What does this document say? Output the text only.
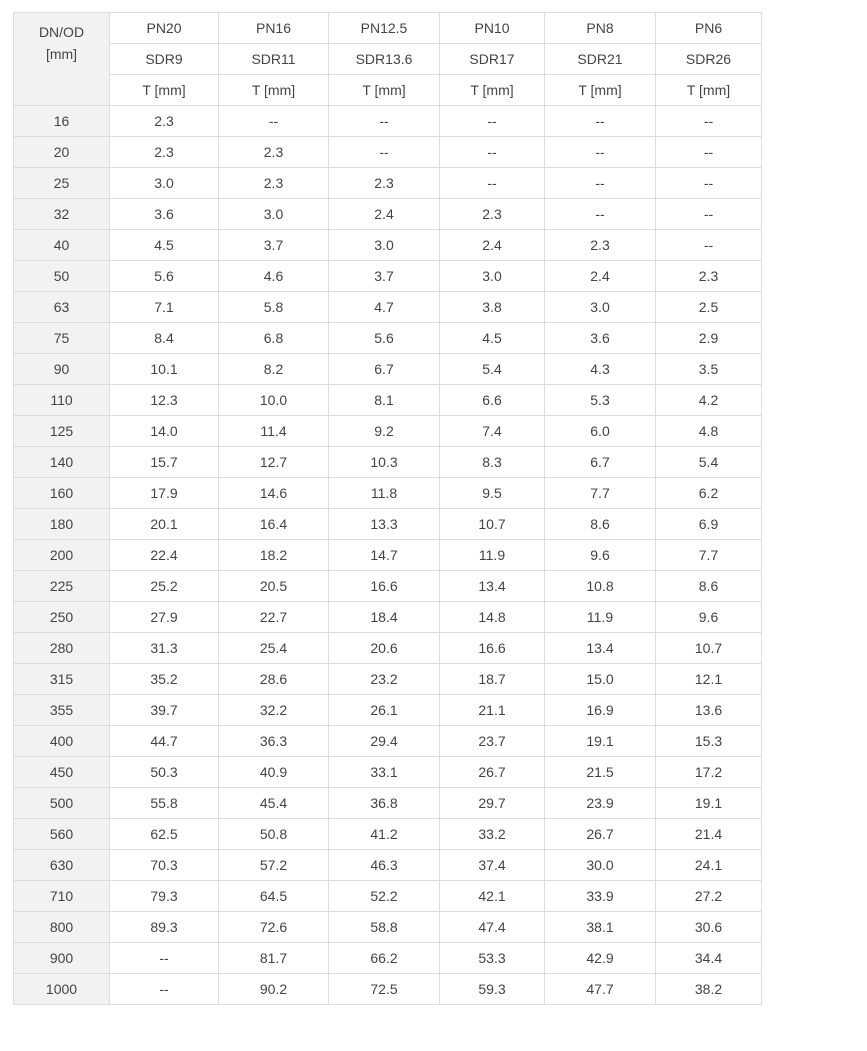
DN/OD
[mm]	PN20	PN16	PN12.5	PN10	PN8	PN6
	SDR9	SDR11	SDR13.6	SDR17	SDR21	SDR26
	T [mm]	T [mm]	T [mm]	T [mm]	T [mm]	T [mm]
16	2.3	--	--	--	--	--
20	2.3	2.3	--	--	--	--
25	3.0	2.3	2.3	--	--	--
32	3.6	3.0	2.4	2.3	--	--
40	4.5	3.7	3.0	2.4	2.3	--
50	5.6	4.6	3.7	3.0	2.4	2.3
63	7.1	5.8	4.7	3.8	3.0	2.5
75	8.4	6.8	5.6	4.5	3.6	2.9
90	10.1	8.2	6.7	5.4	4.3	3.5
110	12.3	10.0	8.1	6.6	5.3	4.2
125	14.0	11.4	9.2	7.4	6.0	4.8
140	15.7	12.7	10.3	8.3	6.7	5.4
160	17.9	14.6	11.8	9.5	7.7	6.2
180	20.1	16.4	13.3	10.7	8.6	6.9
200	22.4	18.2	14.7	11.9	9.6	7.7
225	25.2	20.5	16.6	13.4	10.8	8.6
250	27.9	22.7	18.4	14.8	11.9	9.6
280	31.3	25.4	20.6	16.6	13.4	10.7
315	35.2	28.6	23.2	18.7	15.0	12.1
355	39.7	32.2	26.1	21.1	16.9	13.6
400	44.7	36.3	29.4	23.7	19.1	15.3
450	50.3	40.9	33.1	26.7	21.5	17.2
500	55.8	45.4	36.8	29.7	23.9	19.1
560	62.5	50.8	41.2	33.2	26.7	21.4
630	70.3	57.2	46.3	37.4	30.0	24.1
710	79.3	64.5	52.2	42.1	33.9	27.2
800	89.3	72.6	58.8	47.4	38.1	30.6
900	--	81.7	66.2	53.3	42.9	34.4
1000	--	90.2	72.5	59.3	47.7	38.2
